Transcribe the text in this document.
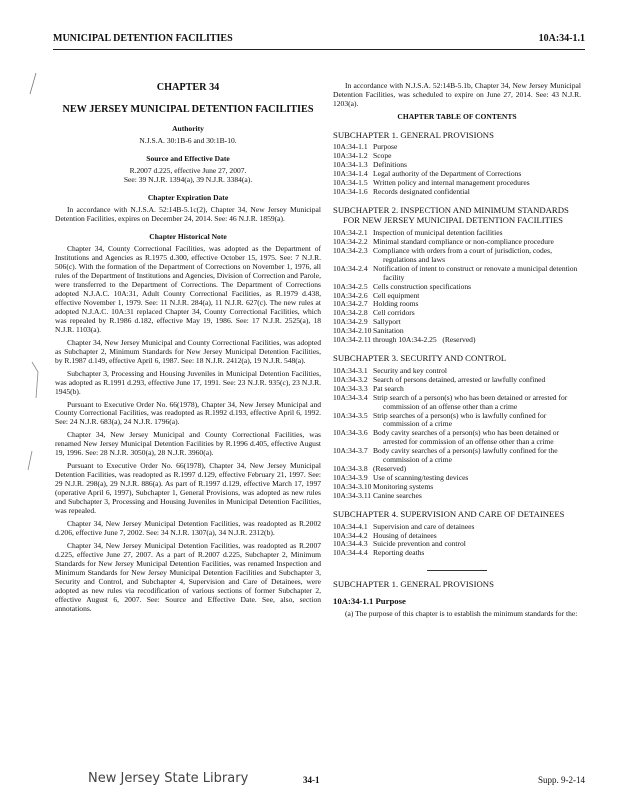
MUNICIPAL DETENTION FACILITIES	10A:34-1.1
CHAPTER 34
NEW JERSEY MUNICIPAL DETENTION FACILITIES
Authority
N.J.S.A. 30:1B-6 and 30:1B-10.
Source and Effective Date
R.2007 d.225, effective June 27, 2007.
See: 39 N.J.R. 1394(a), 39 N.J.R. 3384(a).
Chapter Expiration Date

In accordance with N.J.S.A. 52:14B-5.1c(2), Chapter 34, New Jersey Municipal Detention Facilities, expires on December 24, 2014. See: 46 N.J.R. 1859(a).

Chapter Historical Note

Chapter 34, County Correctional Facilities, was adopted as the Department of Institutions and Agencies as R.1975 d.300, effective October 15, 1975. See: 7 N.J.R. 506(c). With the formation of the Department of Corrections on November 1, 1976, all rules of the Department of Institutions and Agencies, Division of Correction and Parole, were transferred to the Department of Corrections. The Department of Corrections adopted N.J.A.C. 10A:31, Adult County Correctional Facilities, as R.1979 d.438, effective November 1, 1979. See: 11 N.J.R. 284(a), 11 N.J.R. 627(c). The new rules at adopted N.J.A.C. 10A:31 replaced Chapter 34, County Correctional Facilities, which was repealed by R.1986 d.182, effective May 19, 1986. See: 17 N.J.R. 2525(a), 18 N.J.R. 1103(a).

Chapter 34, New Jersey Municipal and County Correctional Facilities, was adopted as Subchapter 2, Minimum Standards for New Jersey Municipal Detention Facilities, by R.1987 d.149, effective April 6, 1987. See: 18 N.J.R. 2412(a), 19 N.J.R. 548(a).

Subchapter 3, Processing and Housing Juveniles in Municipal Detention Facilities, was adopted as R.1991 d.293, effective June 17, 1991. See: 23 N.J.R. 935(c), 23 N.J.R. 1945(b).

Pursuant to Executive Order No. 66(1978), Chapter 34, New Jersey Municipal and County Correctional Facilities, was readopted as R.1992 d.193, effective April 6, 1992. See: 24 N.J.R. 683(a), 24 N.J.R. 1796(a).

Chapter 34, New Jersey Municipal and County Correctional Facilities, was renamed New Jersey Municipal Detention Facilities by R.1996 d.405, effective August 19, 1996. See: 28 N.J.R. 3050(a), 28 N.J.R. 3960(a).

Pursuant to Executive Order No. 66(1978), Chapter 34, New Jersey Municipal Detention Facilities, was readopted as R.1997 d.129, effective February 21, 1997. See: 29 N.J.R. 298(a), 29 N.J.R. 886(a). As part of R.1997 d.129, effective March 17, 1997 (operative April 6, 1997), Subchapter 1, General Provisions, was adopted as new rules and Subchapter 3, Processing and Housing Juveniles in Municipal Detention Facilities, was repealed.

Chapter 34, New Jersey Municipal Detention Facilities, was readopted as R.2002 d.206, effective June 7, 2002. See: 34 N.J.R. 1307(a), 34 N.J.R. 2312(b).

Chapter 34, New Jersey Municipal Detention Facilities, was readopted as R.2007 d.225, effective June 27, 2007. As a part of R.2007 d.225, Subchapter 2, Minimum Standards for New Jersey Municipal Detention Facilities, was renamed Inspection and Minimum Standards for New Jersey Municipal Detention Facilities and Subchapter 3, Security and Control, and Subchapter 4, Supervision and Care of Detainees, were adopted as new rules via recodification of various sections of former Subchapter 2, effective August 6, 2007. See: Source and Effective Date. See, also, section annotations.

In accordance with N.J.S.A. 52:14B-5.1b, Chapter 34, New Jersey Municipal Detention Facilities, was scheduled to expire on June 27, 2014. See: 43 N.J.R. 1203(a).

CHAPTER TABLE OF CONTENTS
SUBCHAPTER 1. GENERAL PROVISIONS
10A:34-1.1 Purpose
10A:34-1.2 Scope
10A:34-1.3 Definitions
10A:34-1.4 Legal authority of the Department of Corrections
10A:34-1.5 Written policy and internal management procedures
10A:34-1.6 Records designated confidential
SUBCHAPTER 2. INSPECTION AND MINIMUM STANDARDS FOR NEW JERSEY MUNICIPAL DETENTION FACILITIES
10A:34-2.1 Inspection of municipal detention facilities
10A:34-2.2 Minimal standard compliance or non-compliance procedure
10A:34-2.3 Compliance with orders from a court of jurisdiction, codes, regulations and laws
10A:34-2.4 Notification of intent to construct or renovate a municipal detention facility
10A:34-2.5 Cells construction specifications
10A:34-2.6 Cell equipment
10A:34-2.7 Holding rooms
10A:34-2.8 Cell corridors
10A:34-2.9 Sallyport
10A:34-2.10 Sanitation
10A:34-2.11 through 10A:34-2.25   (Reserved)
SUBCHAPTER 3. SECURITY AND CONTROL
10A:34-3.1 Security and key control
10A:34-3.2 Search of persons detained, arrested or lawfully confined
10A:34-3.3 Pat search
10A:34-3.4 Strip search of a person(s) who has been detained or arrested for commission of an offense other than a crime
10A:34-3.5 Strip searches of a person(s) who is lawfully confined for commission of a crime
10A:34-3.6 Body cavity searches of a person(s) who has been detained or arrested for commission of an offense other than a crime
10A:34-3.7 Body cavity searches of a person(s) lawfully confined for the commission of a crime
10A:34-3.8 (Reserved)
10A:34-3.9 Use of scanning/testing devices
10A:34-3.10 Monitoring systems
10A:34-3.11 Canine searches
SUBCHAPTER 4. SUPERVISION AND CARE OF DETAINEES
10A:34-4.1 Supervision and care of detainees
10A:34-4.2 Housing of detainees
10A:34-4.3 Suicide prevention and control
10A:34-4.4 Reporting deaths
SUBCHAPTER 1. GENERAL PROVISIONS
10A:34-1.1 Purpose

(a) The purpose of this chapter is to establish the minimum standards for the:

New Jersey State Library	34-1	Supp. 9-2-14
